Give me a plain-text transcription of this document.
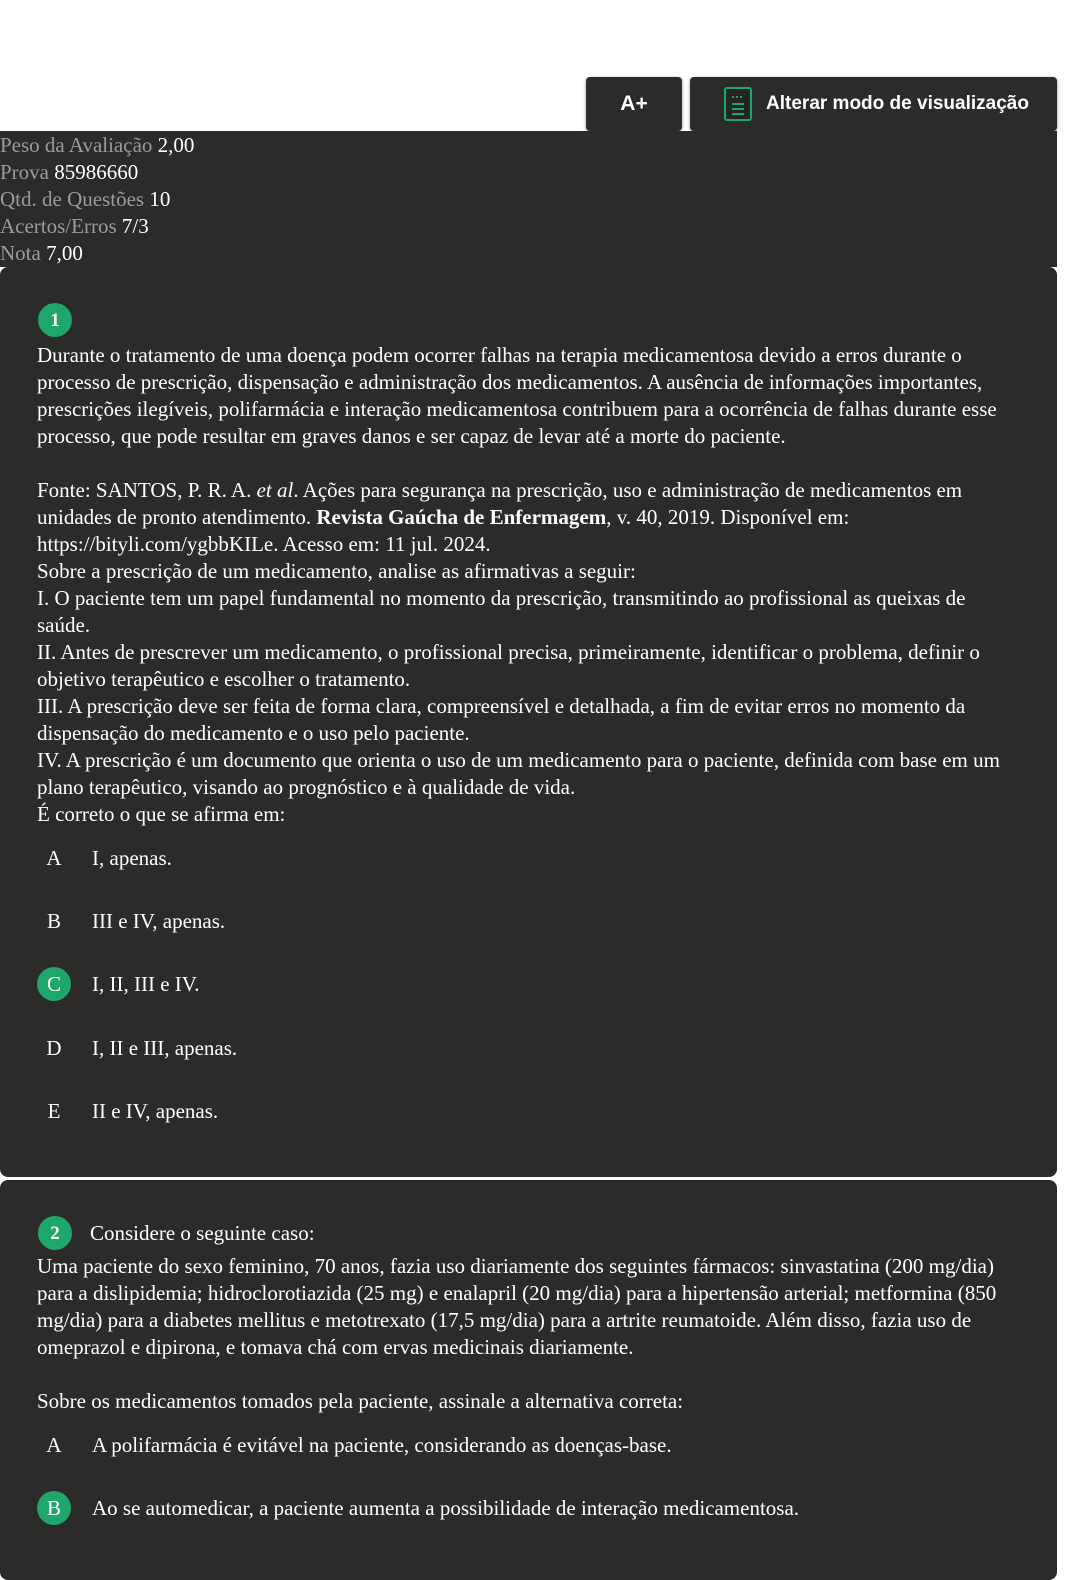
A+	Alterar modo de visualização
Peso da Avaliação 2,00
Prova 85986660
Qtd. de Questões 10
Acertos/Erros 7/3
Nota 7,00
1

Durante o tratamento de uma doença podem ocorrer falhas na terapia medicamentosa devido a erros durante o processo de prescrição, dispensação e administração dos medicamentos. A ausência de informações importantes, prescrições ilegíveis, polifarmácia e interação medicamentosa contribuem para a ocorrência de falhas durante esse processo, que pode resultar em graves danos e ser capaz de levar até a morte do paciente.

Fonte: SANTOS, P. R. A. et al. Ações para segurança na prescrição, uso e administração de medicamentos em unidades de pronto atendimento. Revista Gaúcha de Enfermagem, v. 40, 2019. Disponível em: https://bityli.com/ygbbKILe. Acesso em: 11 jul. 2024.

Sobre a prescrição de um medicamento, analise as afirmativas a seguir:

I. O paciente tem um papel fundamental no momento da prescrição, transmitindo ao profissional as queixas de saúde.

II. Antes de prescrever um medicamento, o profissional precisa, primeiramente, identificar o problema, definir o objetivo terapêutico e escolher o tratamento.

III. A prescrição deve ser feita de forma clara, compreensível e detalhada, a fim de evitar erros no momento da dispensação do medicamento e o uso pelo paciente.

IV. A prescrição é um documento que orienta o uso de um medicamento para o paciente, definida com base em um plano terapêutico, visando ao prognóstico e à qualidade de vida.

É correto o que se afirma em:

A	I, apenas.
B	III e IV, apenas.
C	I, II, III e IV.
D	I, II e III, apenas.
E	II e IV, apenas.
2	Considere o seguinte caso:

Uma paciente do sexo feminino, 70 anos, fazia uso diariamente dos seguintes fármacos: sinvastatina (200 mg/dia) para a dislipidemia; hidroclorotiazida (25 mg) e enalapril (20 mg/dia) para a hipertensão arterial; metformina (850 mg/dia) para a diabetes mellitus e metotrexato (17,5 mg/dia) para a artrite reumatoide. Além disso, fazia uso de omeprazol e dipirona, e tomava chá com ervas medicinais diariamente.

Sobre os medicamentos tomados pela paciente, assinale a alternativa correta:

A	A polifarmácia é evitável na paciente, considerando as doenças-base.
B	Ao se automedicar, a paciente aumenta a possibilidade de interação medicamentosa.
